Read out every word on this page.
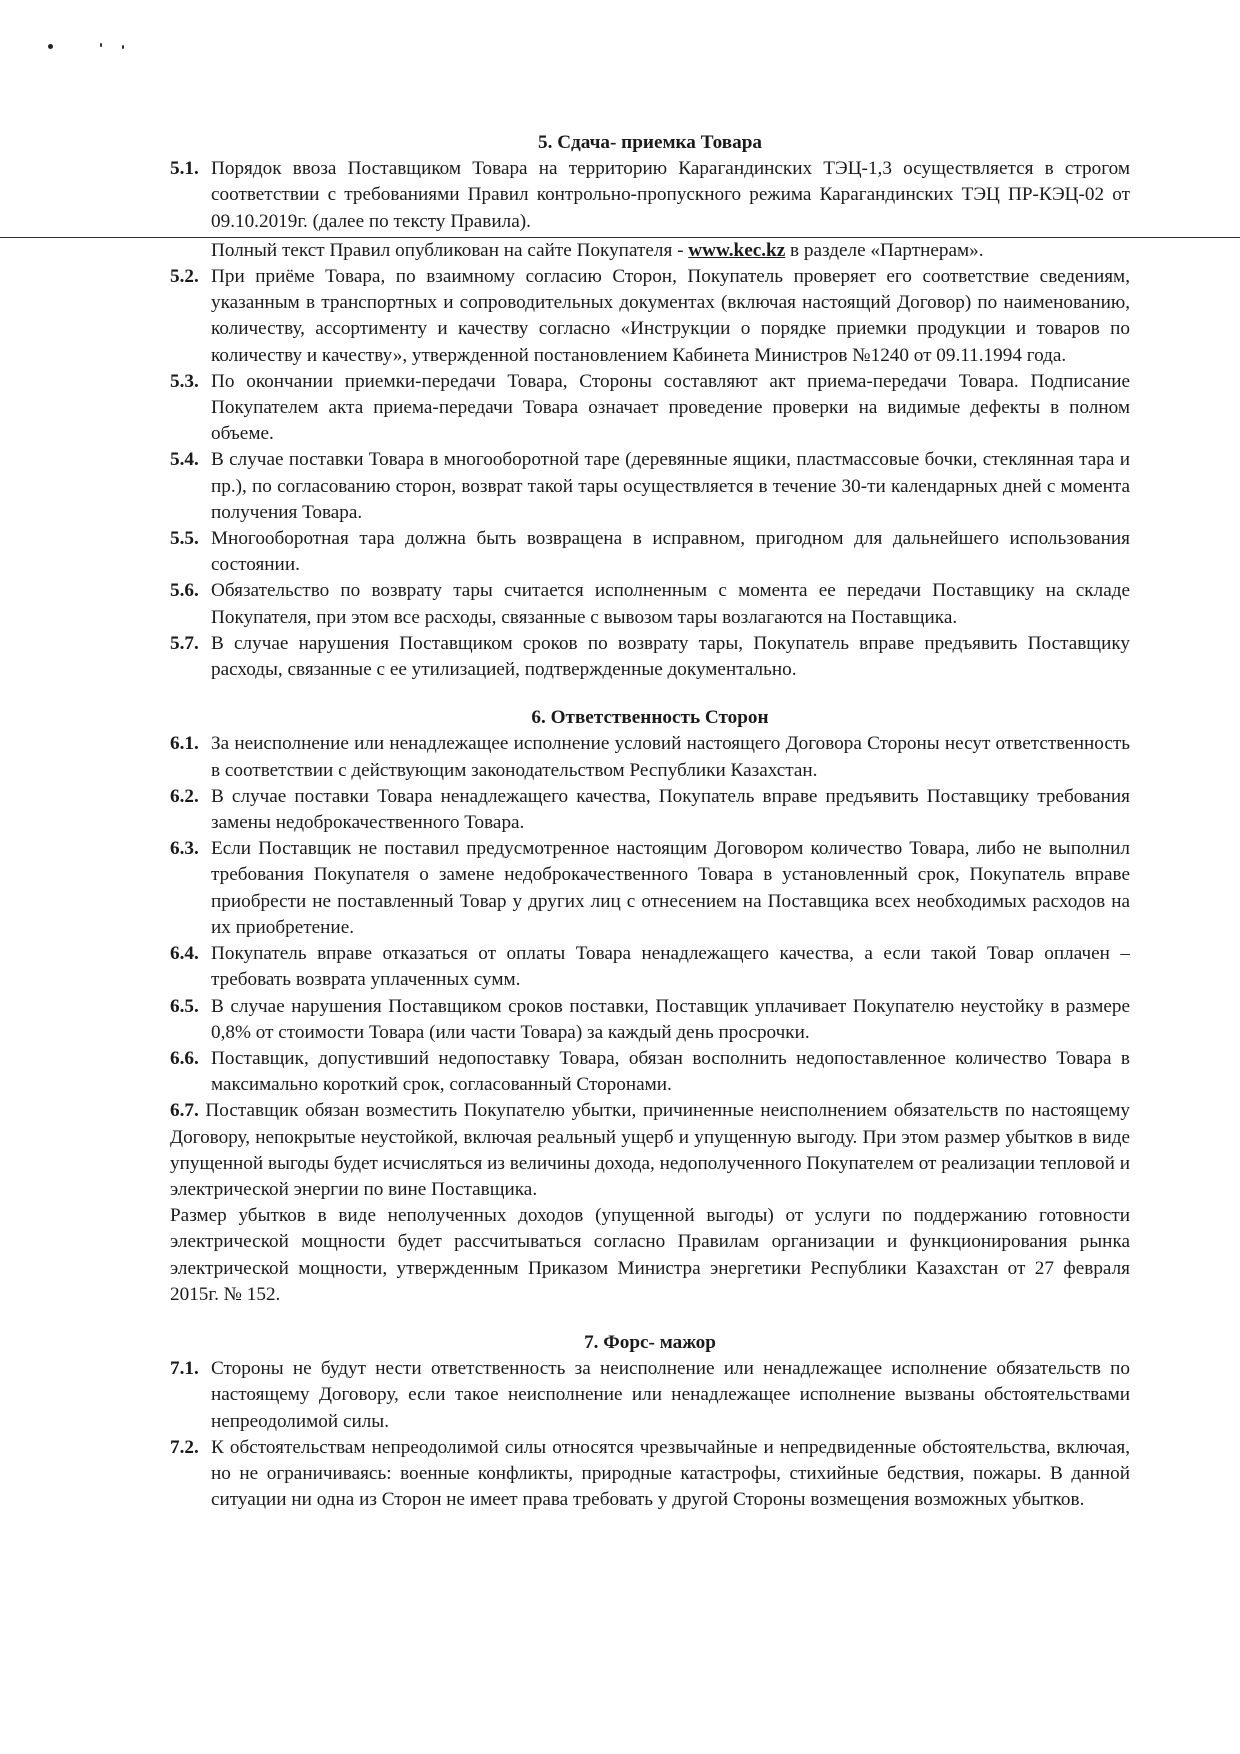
5. Сдача- приемка Товара

5.1. Порядок ввоза Поставщиком Товара на территорию Карагандинских ТЭЦ-1,3 осуществляется в строгом соответствии с требованиями Правил контрольно-пропускного режима Карагандинских ТЭЦ ПР-КЭЦ-02 от 09.10.2019г. (далее по тексту Правила).
Полный текст Правил опубликован на сайте Покупателя - www.kec.kz в разделе «Партнерам».
5.2. При приёме Товара, по взаимному согласию Сторон, Покупатель проверяет его соответствие сведениям, указанным в транспортных и сопроводительных документах (включая настоящий Договор) по наименованию, количеству, ассортименту и качеству согласно «Инструкции о порядке приемки продукции и товаров по количеству и качеству», утвержденной постановлением Кабинета Министров №1240 от 09.11.1994 года.
5.3. По окончании приемки-передачи Товара, Стороны составляют акт приема-передачи Товара. Подписание Покупателем акта приема-передачи Товара означает проведение проверки на видимые дефекты в полном объеме.
5.4. В случае поставки Товара в многооборотной таре (деревянные ящики, пластмассовые бочки, стеклянная тара и пр.), по согласованию сторон, возврат такой тары осуществляется в течение 30-ти календарных дней с момента получения Товара.
5.5. Многооборотная тара должна быть возвращена в исправном, пригодном для дальнейшего использования состоянии.
5.6. Обязательство по возврату тары считается исполненным с момента ее передачи Поставщику на складе Покупателя, при этом все расходы, связанные с вывозом тары возлагаются на Поставщика.
5.7. В случае нарушения Поставщиком сроков по возврату тары, Покупатель вправе предъявить Поставщику расходы, связанные с ее утилизацией, подтвержденные документально.

6. Ответственность Сторон

6.1. За неисполнение или ненадлежащее исполнение условий настоящего Договора Стороны несут ответственность в соответствии с действующим законодательством Республики Казахстан.
6.2. В случае поставки Товара ненадлежащего качества, Покупатель вправе предъявить Поставщику требования замены недоброкачественного Товара.
6.3. Если Поставщик не поставил предусмотренное настоящим Договором количество Товара, либо не выполнил требования Покупателя о замене недоброкачественного Товара в установленный срок, Покупатель вправе приобрести не поставленный Товар у других лиц с отнесением на Поставщика всех необходимых расходов на их приобретение.
6.4. Покупатель вправе отказаться от оплаты Товара ненадлежащего качества, а если такой Товар оплачен – требовать возврата уплаченных сумм.
6.5. В случае нарушения Поставщиком сроков поставки, Поставщик уплачивает Покупателю неустойку в размере 0,8% от стоимости Товара (или части Товара) за каждый день просрочки.
6.6. Поставщик, допустивший недопоставку Товара, обязан восполнить недопоставленное количество Товара в максимально короткий срок, согласованный Сторонами.

6.7. Поставщик обязан возместить Покупателю убытки, причиненные неисполнением обязательств по настоящему Договору, непокрытые неустойкой, включая реальный ущерб и упущенную выгоду. При этом размер убытков в виде упущенной выгоды будет исчисляться из величины дохода, недополученного Покупателем от реализации тепловой и электрической энергии по вине Поставщика.

Размер убытков в виде неполученных доходов (упущенной выгоды) от услуги по поддержанию готовности электрической мощности будет рассчитываться согласно Правилам организации и функционирования рынка электрической мощности, утвержденным Приказом Министра энергетики Республики Казахстан от 27 февраля 2015г. № 152.

7. Форс- мажор

7.1. Стороны не будут нести ответственность за неисполнение или ненадлежащее исполнение обязательств по настоящему Договору, если такое неисполнение или ненадлежащее исполнение вызваны обстоятельствами непреодолимой силы.
7.2. К обстоятельствам непреодолимой силы относятся чрезвычайные и непредвиденные обстоятельства, включая, но не ограничиваясь: военные конфликты, природные катастрофы, стихийные бедствия, пожары. В данной ситуации ни одна из Сторон не имеет права требовать у другой Стороны возмещения возможных убытков.
